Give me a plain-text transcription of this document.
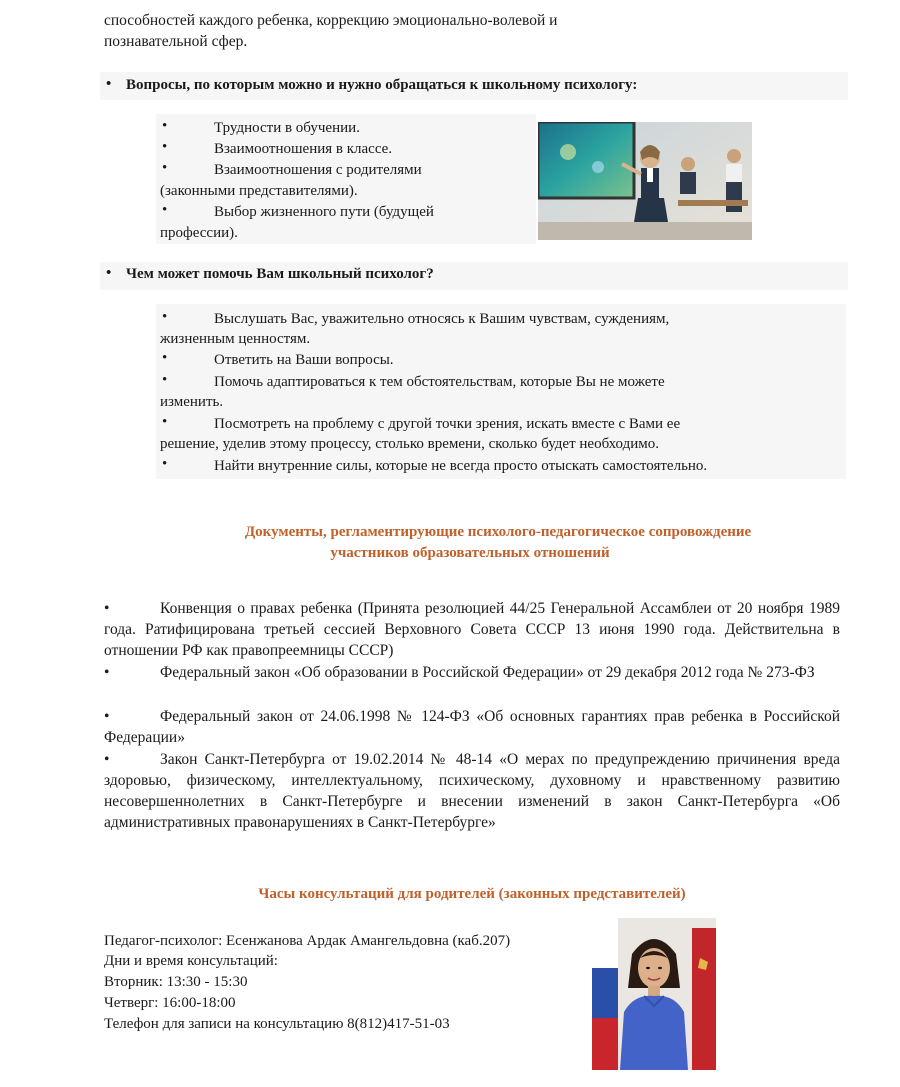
способностей каждого ребенка, коррекцию эмоционально-волевой и
познавательной сфер.
• Вопросы, по которым можно и нужно обращаться к школьному психологу:
•	Трудности в обучении.
•	Взаимоотношения в классе.
•	Взаимоотношения с родителями
(законными представителями).
•	Выбор жизненного пути (будущей
профессии).
• Чем может помочь Вам школьный психолог?
•	Выслушать Вас, уважительно относясь к Вашим чувствам, суждениям,
жизненным ценностям.
•	Ответить на Ваши вопросы.
•	Помочь адаптироваться к тем обстоятельствам, которые Вы не можете
изменить.
•	Посмотреть на проблему с другой точки зрения, искать вместе с Вами ее
решение, уделив этому процессу, столько времени, сколько будет необходимо.
•	Найти внутренние силы, которые не всегда просто отыскать самостоятельно.
Документы, регламентирующие психолого-педагогическое сопровождение
участников образовательных отношений
•	Конвенция о правах ребенка (Принята резолюцией 44/25 Генеральной Ассамблеи от 20 ноября 1989 года. Ратифицирована третьей сессией Верховного Совета СССР 13 июня 1990 года. Действительна в отношении РФ как правопреемницы СССР)
•	Федеральный закон «Об образовании в Российской Федерации» от 29 декабря 2012 года № 273-ФЗ
•	Федеральный закон от 24.06.1998 № 124-ФЗ «Об основных гарантиях прав ребенка в Российской Федерации»
•	Закон Санкт-Петербурга от 19.02.2014 № 48-14 «О мерах по предупреждению причинения вреда здоровью, физическому, интеллектуальному, психическому, духовному и нравственному развитию несовершеннолетних в Санкт-Петербурге и внесении изменений в закон Санкт-Петербурга «Об административных правонарушениях в Санкт-Петербурге»
Часы консультаций для родителей (законных представителей)
Педагог-психолог: Есенжанова Ардак Амангельдовна (каб.207)
Дни и время консультаций:
Вторник: 13:30 - 15:30
Четверг: 16:00-18:00
Телефон для записи на консультацию 8(812)417-51-03
